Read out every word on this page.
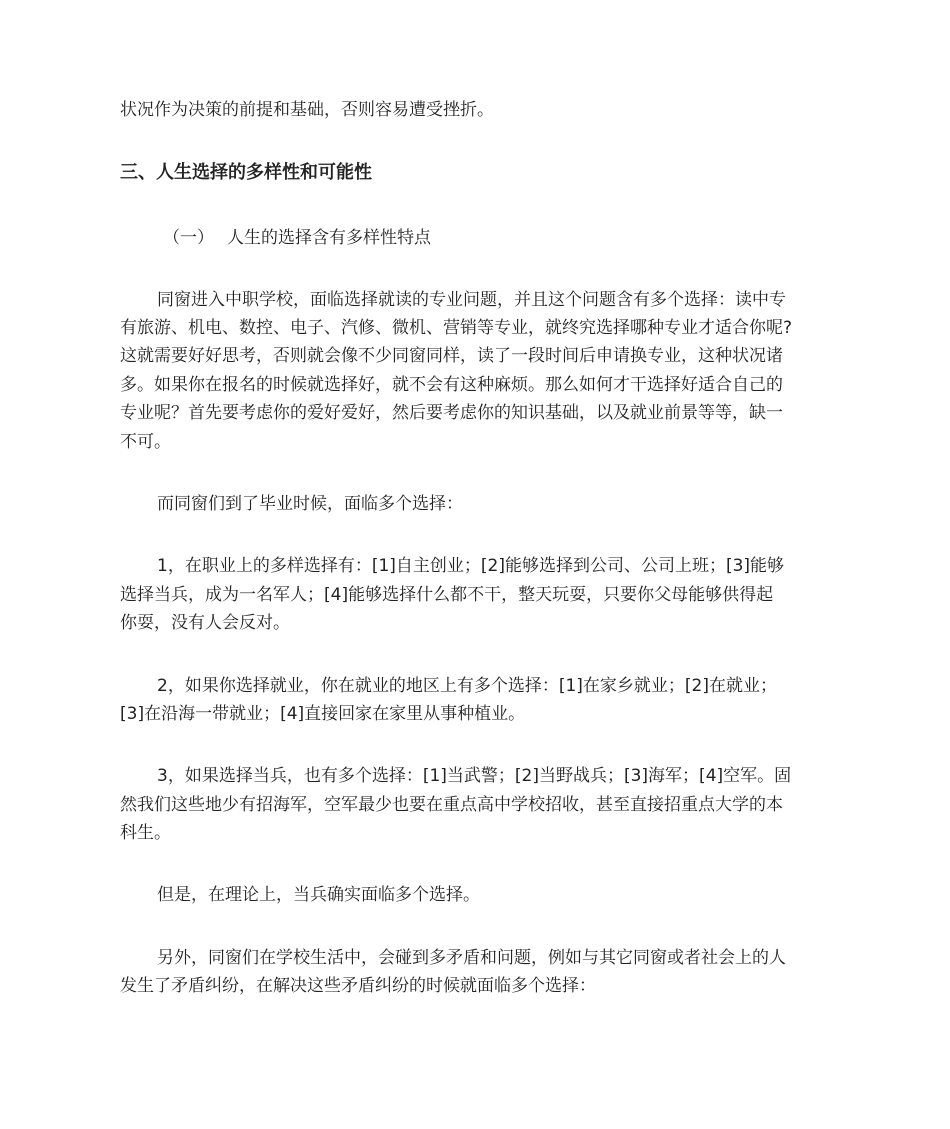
状况作为决策的前提和基础，否则容易遭受挫折。
三、人生选择的多样性和可能性
（一） 人生的选择含有多样性特点
同窗进入中职学校，面临选择就读的专业问题，并且这个问题含有多个选择：读中专
有旅游、机电、数控、电子、汽修、微机、营销等专业，就终究选择哪种专业才适合你呢?
这就需要好好思考，否则就会像不少同窗同样，读了一段时间后申请换专业，这种状况诸
多。如果你在报名的时候就选择好，就不会有这种麻烦。那么如何才干选择好适合自己的
专业呢？首先要考虑你的爱好爱好，然后要考虑你的知识基础，以及就业前景等等，缺一
不可。
而同窗们到了毕业时候，面临多个选择：
1，在职业上的多样选择有：[1]自主创业；[2]能够选择到公司、公司上班；[3]能够
选择当兵，成为一名军人；[4]能够选择什么都不干，整天玩耍，只要你父母能够供得起
你耍，没有人会反对。
2，如果你选择就业，你在就业的地区上有多个选择：[1]在家乡就业；[2]在就业；
[3]在沿海一带就业；[4]直接回家在家里从事种植业。
3，如果选择当兵，也有多个选择：[1]当武警；[2]当野战兵；[3]海军；[4]空军。固
然我们这些地少有招海军，空军最少也要在重点高中学校招收，甚至直接招重点大学的本
科生。
但是，在理论上，当兵确实面临多个选择。
另外，同窗们在学校生活中，会碰到多矛盾和问题，例如与其它同窗或者社会上的人
发生了矛盾纠纷，在解决这些矛盾纠纷的时候就面临多个选择：
